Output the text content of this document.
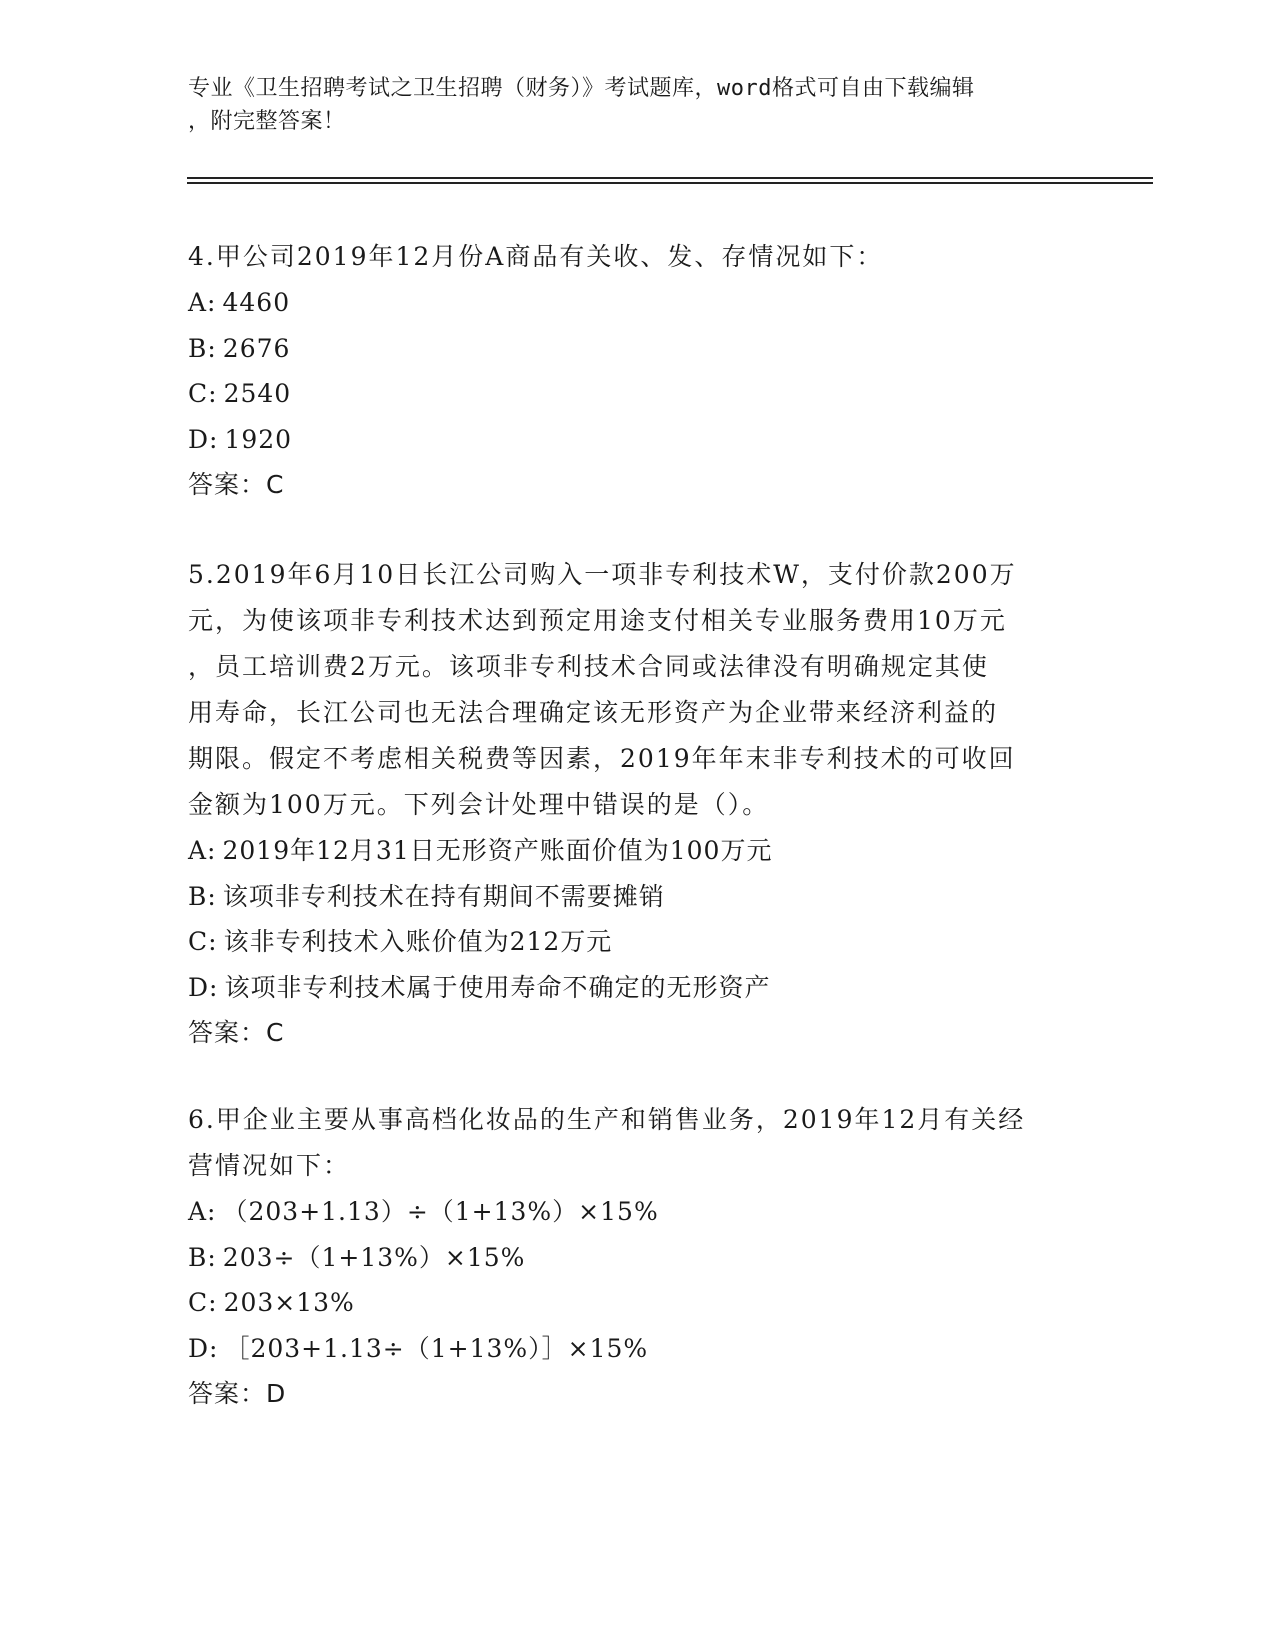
专业《卫生招聘考试之卫生招聘（财务）》考试题库，word格式可自由下载编辑
，附完整答案！

4.甲公司2019年12月份A商品有关收、发、存情况如下：

A: 4460

B: 2676

C: 2540

D: 1920

答案：C

5.2019年6月10日长江公司购入一项非专利技术W，支付价款200万

元，为使该项非专利技术达到预定用途支付相关专业服务费用10万元

，员工培训费2万元。该项非专利技术合同或法律没有明确规定其使

用寿命，长江公司也无法合理确定该无形资产为企业带来经济利益的

期限。假定不考虑相关税费等因素，2019年年末非专利技术的可收回

金额为100万元。下列会计处理中错误的是（）。

A: 2019年12月31日无形资产账面价值为100万元

B: 该项非专利技术在持有期间不需要摊销

C: 该非专利技术入账价值为212万元

D: 该项非专利技术属于使用寿命不确定的无形资产

答案：C

6.甲企业主要从事高档化妆品的生产和销售业务，2019年12月有关经

营情况如下：

A: （203+1.13）÷（1+13%）×15%

B: 203÷（1+13%）×15%

C: 203×13%

D: ［203+1.13÷（1+13%）］×15%

答案：D
